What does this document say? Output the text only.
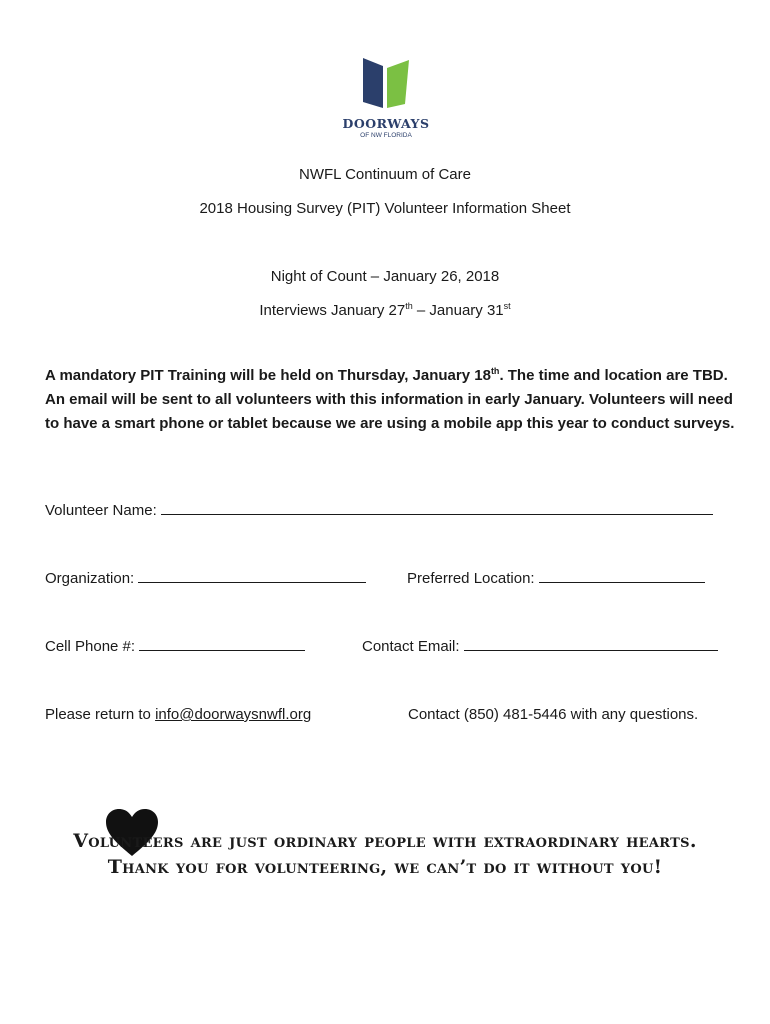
DOORWAYS
OF NW FLORIDA
NWFL Continuum of Care
2018 Housing Survey (PIT) Volunteer Information Sheet
Night of Count – January 26, 2018
Interviews January 27th – January 31st
A mandatory PIT Training will be held on Thursday, January 18th. The time and location are TBD. An email will be sent to all volunteers with this information in early January. Volunteers will need to have a smart phone or tablet because we are using a mobile app this year to conduct surveys.
Volunteer Name:
Organization:	Preferred Location:
Cell Phone #:	Contact Email:
Please return to info@doorwaysnwfl.org	Contact (850) 481-5446 with any questions.
Volunteers are just ordinary people with extraordinary hearts. Thank you for volunteering, we can’t do it without you!
